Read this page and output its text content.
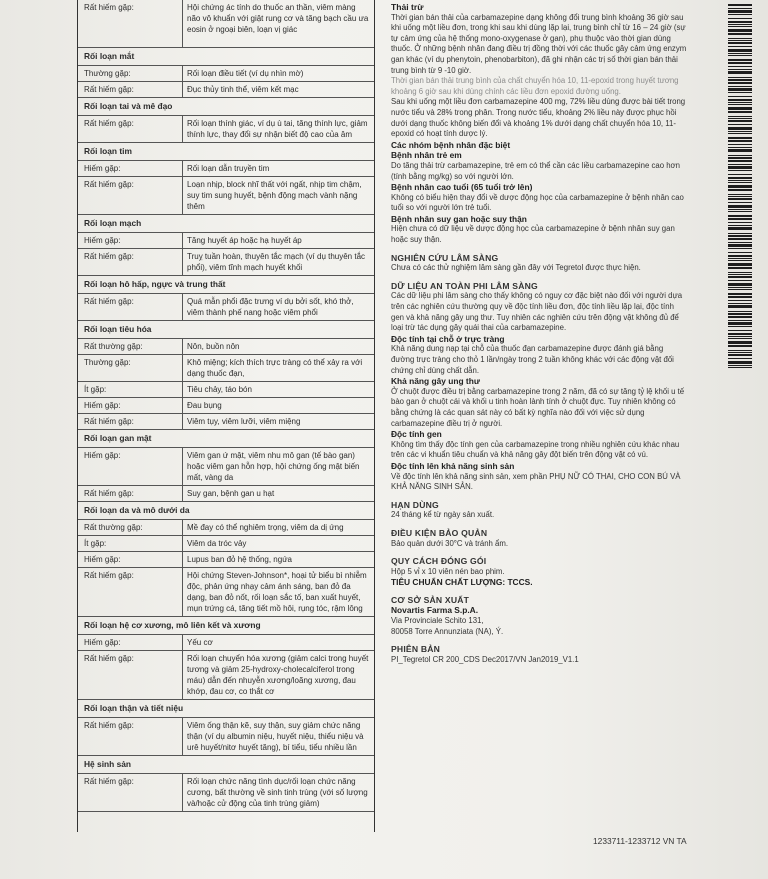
Rất hiếm gặp:	Hội chứng ác tính do thuốc an thần, viêm màng não vô khuẩn với giật rung cơ và tăng bạch cầu ưa eosin ở ngoại biên, loạn vị giác
Rối loạn mắt
Thường gặp:	Rối loạn điều tiết (ví dụ nhìn mờ)
Rất hiếm gặp:	Đục thủy tinh thể, viêm kết mạc
Rối loạn tai và mê đạo
Rất hiếm gặp:	Rối loạn thính giác, ví dụ ù tai, tăng thính lực, giảm thính lực, thay đổi sự nhận biết độ cao của âm
Rối loạn tim
Hiếm gặp:	Rối loạn dẫn truyền tim
Rất hiếm gặp:	Loạn nhịp, block nhĩ thất với ngất, nhịp tim chậm, suy tim sung huyết, bệnh động mạch vành nặng thêm
Rối loạn mạch
Hiếm gặp:	Tăng huyết áp hoặc hạ huyết áp
Rất hiếm gặp:	Truỵ tuần hoàn, thuyên tắc mạch (ví dụ thuyên tắc phổi), viêm tĩnh mạch huyết khối
Rối loạn hô hấp, ngực và trung thất
Rất hiếm gặp:	Quá mẫn phổi đặc trưng ví dụ bởi sốt, khó thở, viêm thành phế nang hoặc viêm phổi
Rối loạn tiêu hóa
Rất thường gặp:	Nôn, buồn nôn
Thường gặp:	Khô miệng; kích thích trực tràng có thể xảy ra với dạng thuốc đạn,
Ít gặp:	Tiêu chảy, táo bón
Hiếm gặp:	Đau bụng
Rất hiếm gặp:	Viêm tụy, viêm lưỡi, viêm miệng
Rối loạn gan mật
Hiếm gặp:	Viêm gan ứ mật, viêm nhu mô gan (tế bào gan) hoặc viêm gan hỗn hợp, hội chứng ống mật biến mất, vàng da
Rất hiếm gặp:	Suy gan, bệnh gan u hạt
Rối loạn da và mô dưới da
Rất thường gặp:	Mề đay có thể nghiêm trọng, viêm da dị ứng
Ít gặp:	Viêm da tróc vảy
Hiếm gặp:	Lupus ban đỏ hệ thống, ngứa
Rất hiếm gặp:	Hội chứng Steven-Johnson*, hoại tử biểu bì nhiễm độc, phản ứng nhạy cảm ánh sáng, ban đỏ đa dạng, ban đỏ nốt, rối loạn sắc tố, ban xuất huyết, mụn trứng cá, tăng tiết mồ hôi, rụng tóc, rậm lông
Rối loạn hệ cơ xương, mô liên kết và xương
Hiếm gặp:	Yếu cơ
Rất hiếm gặp:	Rối loạn chuyển hóa xương (giảm calci trong huyết tương và giảm 25-hydroxy-cholecalciferol trong máu) dẫn đến nhuyễn xương/loãng xương, đau khớp, đau cơ, co thắt cơ
Rối loạn thận và tiết niệu
Rất hiếm gặp:	Viêm ống thận kẽ, suy thận, suy giảm chức năng thận (ví dụ albumin niệu, huyết niệu, thiểu niệu và urê huyết/nitơ huyết tăng), bí tiểu, tiểu nhiều lần
Hệ sinh sản
Rất hiếm gặp:	Rối loạn chức năng tình dục/rối loạn chức năng cương, bất thường về sinh tinh trùng (với số lượng và/hoặc cử động của tinh trùng giảm)
Thải trừ

Thời gian bán thải của carbamazepine dạng không đổi trung bình khoảng 36 giờ sau khi uống một liều đơn, trong khi sau khi dùng lặp lại, trung bình chỉ từ 16 – 24 giờ (sự tự cảm ứng của hệ thống mono-oxygenase ở gan), phụ thuộc vào thời gian dùng thuốc. Ở những bệnh nhân đang điều trị đồng thời với các thuốc gây cảm ứng enzym gan khác (ví dụ phenytoin, phenobarbiton), đã ghi nhận các trị số thời gian bán thải trung bình từ 9 -10 giờ.

Thời gian bán thải trung bình của chất chuyển hóa 10, 11-epoxid trong huyết tương khoảng 6 giờ sau khi dùng chính các liều đơn epoxid đường uống.

Sau khi uống một liều đơn carbamazepine 400 mg, 72% liều dùng được bài tiết trong nước tiểu và 28% trong phân. Trong nước tiểu, khoảng 2% liều này được phục hồi dưới dạng thuốc không biến đổi và khoảng 1% dưới dạng chất chuyển hóa 10, 11-epoxid có hoạt tính dược lý.

Các nhóm bệnh nhân đặc biệt

Bệnh nhân trẻ em

Do tăng thải trừ carbamazepine, trẻ em có thể cần các liều carbamazepine cao hơn (tính bằng mg/kg) so với người lớn.

Bệnh nhân cao tuổi (65 tuổi trở lên)

Không có biểu hiện thay đổi về dược động học của carbamazepine ở bệnh nhân cao tuổi so với người lớn trẻ tuổi.

Bệnh nhân suy gan hoặc suy thận

Hiện chưa có dữ liệu về dược động học của carbamazepine ở bệnh nhân suy gan hoặc suy thận.

NGHIÊN CỨU LÂM SÀNG

Chưa có các thử nghiệm lâm sàng gần đây với Tegretol được thực hiện.

DỮ LIỆU AN TOÀN PHI LÂM SÀNG

Các dữ liệu phi lâm sàng cho thấy không có nguy cơ đặc biệt nào đối với người dựa trên các nghiên cứu thường quy về độc tính liều đơn, độc tính liều lặp lại, độc tính gen và khả năng gây ung thư. Tuy nhiên các nghiên cứu trên động vật không đủ để loại trừ tác dụng gây quái thai của carbamazepine.

Độc tính tại chỗ ở trực tràng

Khả năng dung nạp tại chỗ của thuốc đạn carbamazepine được đánh giá bằng đường trực tràng cho thỏ 1 lần/ngày trong 2 tuần không khác với các động vật đối chứng chỉ dùng chất dẫn.

Khả năng gây ung thư

Ở chuột được điều trị bằng carbamazepine trong 2 năm, đã có sự tăng tỷ lệ khối u tế bào gan ở chuột cái và khối u tinh hoàn lành tính ở chuột đực. Tuy nhiên không có bằng chứng là các quan sát này có bất kỳ nghĩa nào đối với việc sử dụng carbamazepine điều trị ở người.

Độc tính gen

Không tìm thấy độc tính gen của carbamazepine trong nhiều nghiên cứu khác nhau trên các vi khuẩn tiêu chuẩn và khả năng gây đột biến trên động vật có vú.

Độc tính lên khả năng sinh sản

Về độc tính lên khả năng sinh sản, xem phần PHỤ NỮ CÓ THAI, CHO CON BÚ VÀ KHẢ NĂNG SINH SẢN.

HẠN DÙNG

24 tháng kể từ ngày sản xuất.

ĐIỀU KIỆN BẢO QUẢN

Bảo quản dưới 30°C và tránh ẩm.

QUY CÁCH ĐÓNG GÓI

Hộp 5 vỉ x 10 viên nén bao phim.

TIÊU CHUẨN CHẤT LƯỢNG: TCCS.

CƠ SỞ SẢN XUẤT

Novartis Farma S.p.A.

Via Provinciale Schito 131,

80058 Torre Annunziata (NA), Ý.

PHIÊN BẢN

PI_Tegretol CR 200_CDS Dec2017/VN Jan2019_V1.1

1233711-1233712 VN TA
